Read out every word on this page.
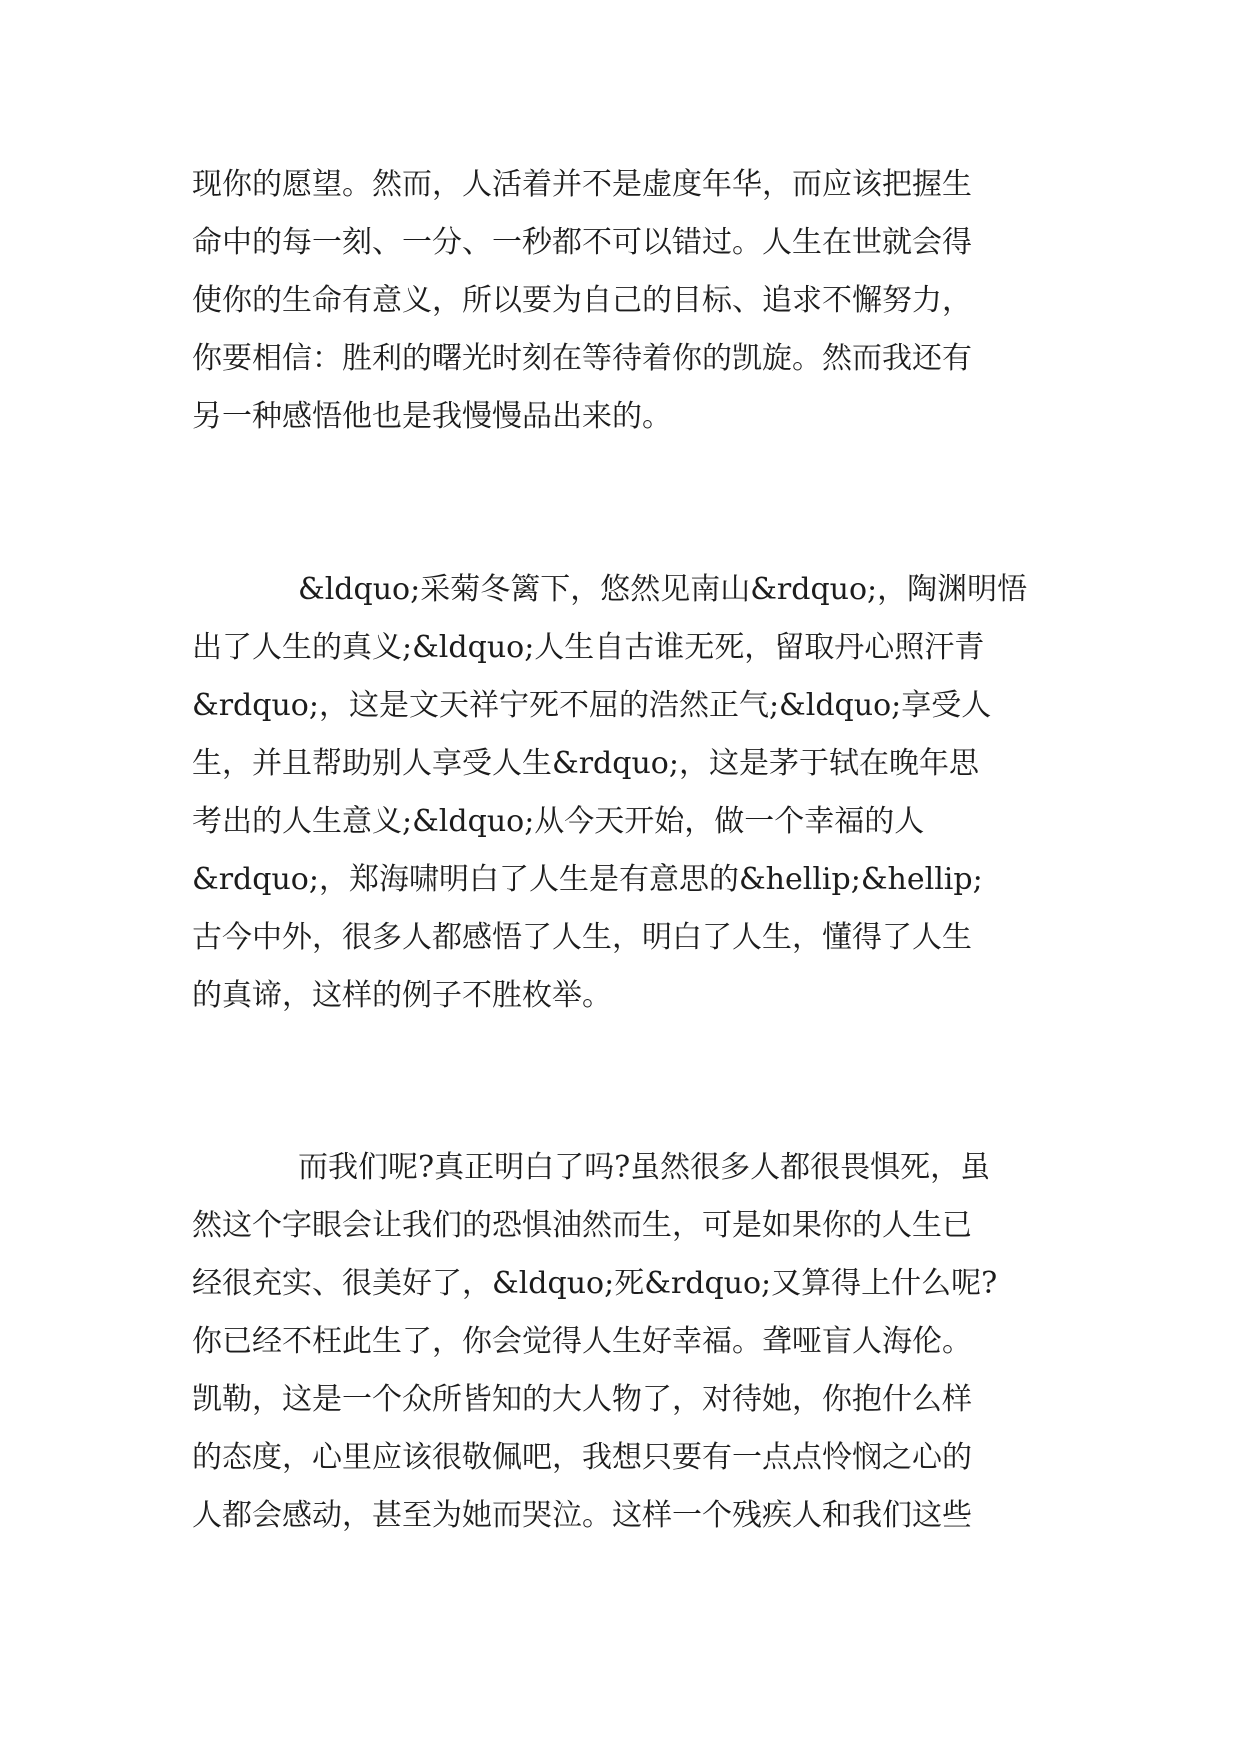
现你的愿望。然而，人活着并不是虚度年华，而应该把握生
命中的每一刻、一分、一秒都不可以错过。人生在世就会得
使你的生命有意义，所以要为自己的目标、追求不懈努力，
你要相信：胜利的曙光时刻在等待着你的凯旋。然而我还有
另一种感悟他也是我慢慢品出来的。
&ldquo;采菊冬篱下，悠然见南山&rdquo;，陶渊明悟
出了人生的真义;&ldquo;人生自古谁无死，留取丹心照汗青
&rdquo;，这是文天祥宁死不屈的浩然正气;&ldquo;享受人
生，并且帮助别人享受人生&rdquo;，这是茅于轼在晚年思
考出的人生意义;&ldquo;从今天开始，做一个幸福的人
&rdquo;，郑海啸明白了人生是有意思的&hellip;&hellip;
古今中外，很多人都感悟了人生，明白了人生，懂得了人生
的真谛，这样的例子不胜枚举。
而我们呢?真正明白了吗?虽然很多人都很畏惧死，虽
然这个字眼会让我们的恐惧油然而生，可是如果你的人生已
经很充实、很美好了，&ldquo;死&rdquo;又算得上什么呢?
你已经不枉此生了，你会觉得人生好幸福。聋哑盲人海伦。
凯勒，这是一个众所皆知的大人物了，对待她，你抱什么样
的态度，心里应该很敬佩吧，我想只要有一点点怜悯之心的
人都会感动，甚至为她而哭泣。这样一个残疾人和我们这些
